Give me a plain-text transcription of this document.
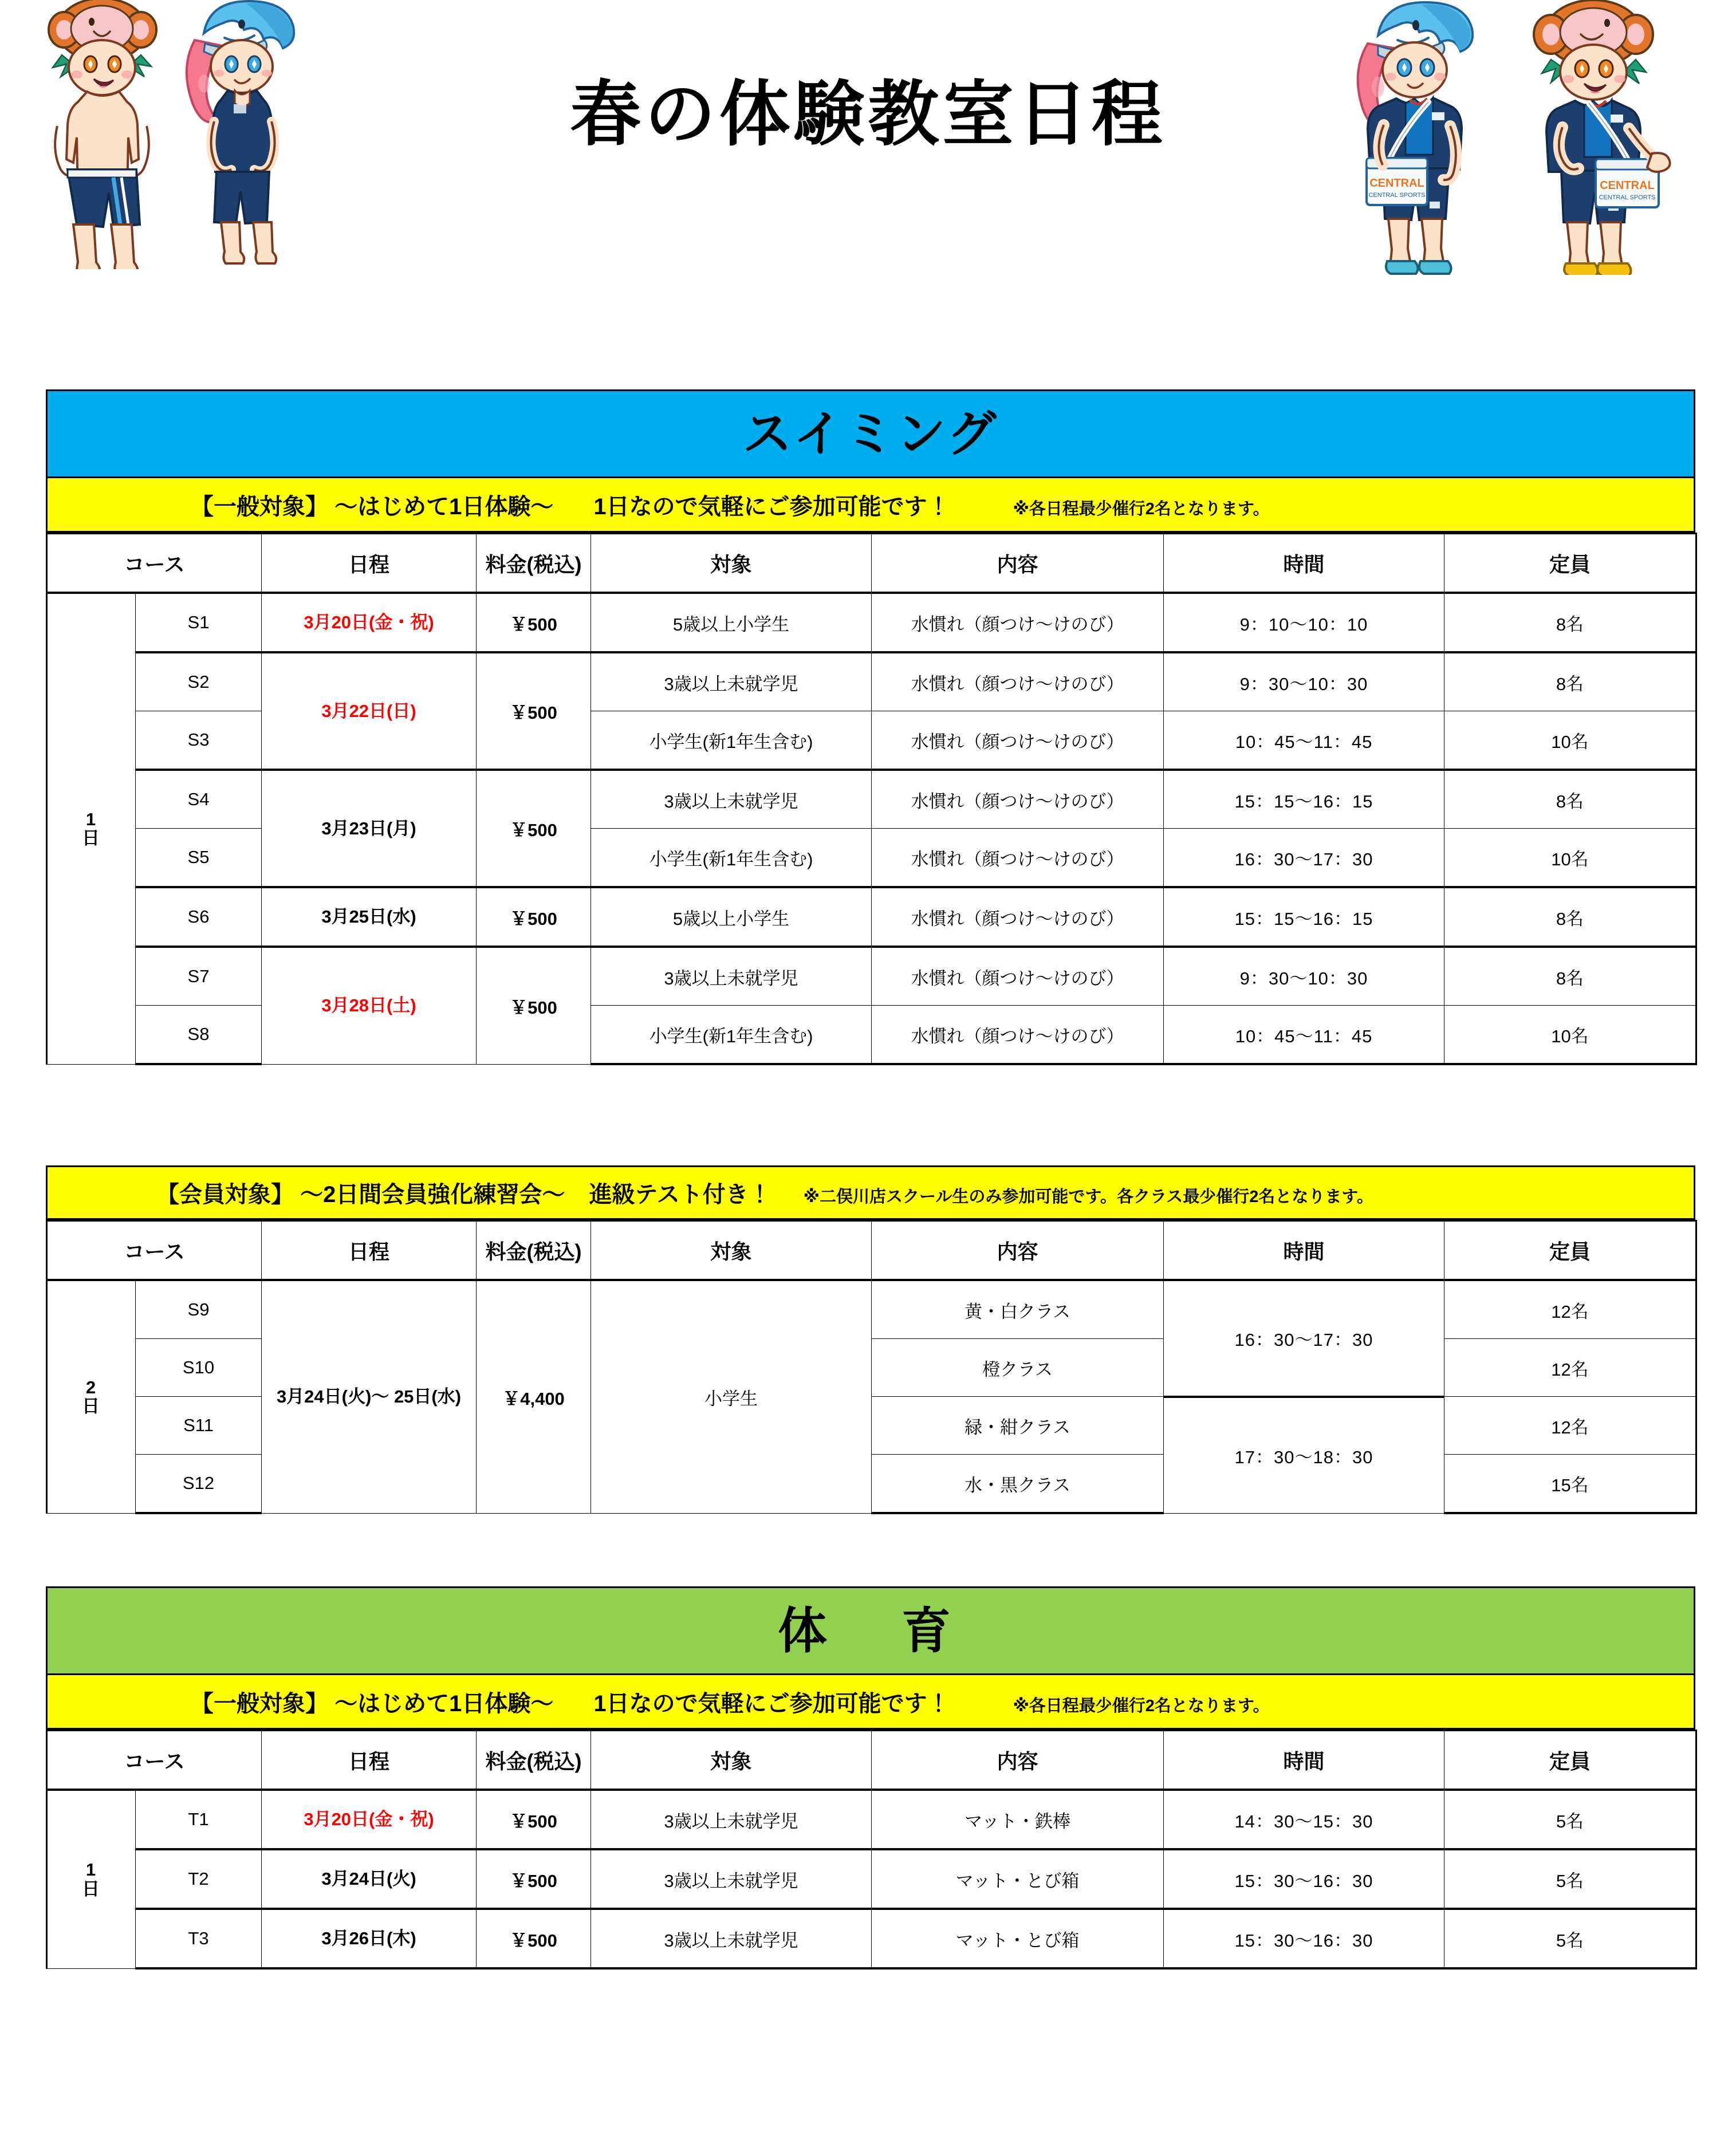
春の体験教室日程
CENTRAL
CENTRAL SPORTS
CENTRAL
CENTRAL SPORTS
スイミング
【一般対象】 ～はじめて1日体験～ 1日なので気軽にご参加可能です！	※各日程最少催行2名となります。
コース		日程	料金(税込)	対象	内容	時間	定員

1
日	S1	3月20日(金・祝)	￥500	5歳以上小学生	水慣れ（顔つけ～けのび）	9：10～10：10	8名
	S2	3月22日(日)	￥500	3歳以上未就学児	水慣れ（顔つけ～けのび）	9：30～10：30	8名
	S3			小学生(新1年生含む)	水慣れ（顔つけ～けのび）	10：45～11：45	10名
	S4	3月23日(月)	￥500	3歳以上未就学児	水慣れ（顔つけ～けのび）	15：15～16：15	8名
	S5			小学生(新1年生含む)	水慣れ（顔つけ～けのび）	16：30～17：30	10名
	S6	3月25日(水)	￥500	5歳以上小学生	水慣れ（顔つけ～けのび）	15：15～16：15	8名
	S7	3月28日(土)	￥500	3歳以上未就学児	水慣れ（顔つけ～けのび）	9：30～10：30	8名
	S8			小学生(新1年生含む)	水慣れ（顔つけ～けのび）	10：45～11：45	10名
【会員対象】 ～2日間会員強化練習会～ 進級テスト付き！ ※二俣川店スクール生のみ参加可能です。各クラス最少催行2名となります。
コース		日程	料金(税込)	対象	内容	時間	定員

2
日	S9	3月24日(火)～ 25日(水)	￥4,400	小学生	黄・白クラス	16：30～17：30	12名
	S10				橙クラス		12名
	S11				緑・紺クラス	17：30～18：30	12名
	S12				水・黒クラス		15名
体　育
【一般対象】 ～はじめて1日体験～ 1日なので気軽にご参加可能です！	※各日程最少催行2名となります。
コース		日程	料金(税込)	対象	内容	時間	定員

1
日	T1	3月20日(金・祝)	￥500	3歳以上未就学児	マット・鉄棒	14：30～15：30	5名
	T2	3月24日(火)	￥500	3歳以上未就学児	マット・とび箱	15：30～16：30	5名
	T3	3月26日(木)	￥500	3歳以上未就学児	マット・とび箱	15：30～16：30	5名
